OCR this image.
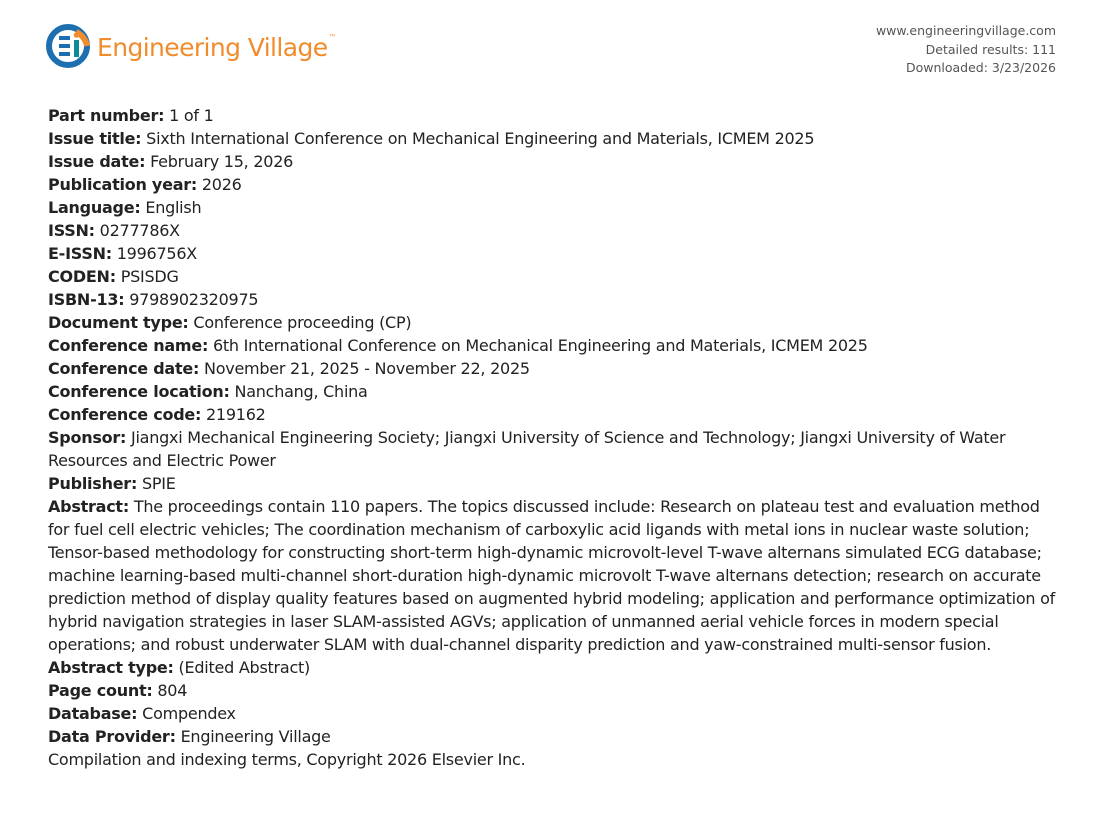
Engineering Village™	www.engineeringvillage.com
Detailed results: 111
Downloaded: 3/23/2026
Part number: 1 of 1
Issue title: Sixth International Conference on Mechanical Engineering and Materials, ICMEM 2025
Issue date: February 15, 2026
Publication year: 2026
Language: English
ISSN: 0277786X
E-ISSN: 1996756X
CODEN: PSISDG
ISBN-13: 9798902320975
Document type: Conference proceeding (CP)
Conference name: 6th International Conference on Mechanical Engineering and Materials, ICMEM 2025
Conference date: November 21, 2025 - November 22, 2025
Conference location: Nanchang, China
Conference code: 219162
Sponsor: Jiangxi Mechanical Engineering Society; Jiangxi University of Science and Technology; Jiangxi University of Water Resources and Electric Power
Publisher: SPIE
Abstract: The proceedings contain 110 papers. The topics discussed include: Research on plateau test and evaluation method for fuel cell electric vehicles; The coordination mechanism of carboxylic acid ligands with metal ions in nuclear waste solution; Tensor-based methodology for constructing short-term high-dynamic microvolt-level T-wave alternans simulated ECG database; machine learning-based multi-channel short-duration high-dynamic microvolt T-wave alternans detection; research on accurate prediction method of display quality features based on augmented hybrid modeling; application and performance optimization of hybrid navigation strategies in laser SLAM-assisted AGVs; application of unmanned aerial vehicle forces in modern special operations; and robust underwater SLAM with dual-channel disparity prediction and yaw-constrained multi-sensor fusion.
Abstract type: (Edited Abstract)
Page count: 804
Database: Compendex
Data Provider: Engineering Village
Compilation and indexing terms, Copyright 2026 Elsevier Inc.
